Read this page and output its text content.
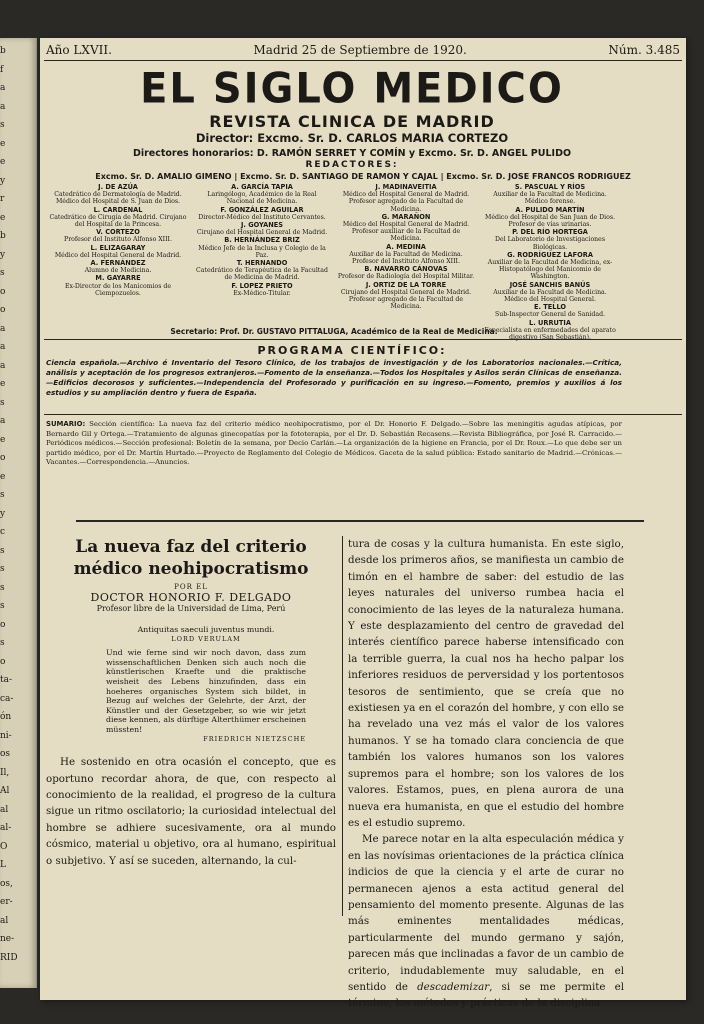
b
f
a
a
s
e
e
y
r
e
b
y
s
o
o
a
a
a
e
s
a
e
o
e
s
y
c
s
s
s
s
o
s
o
ta-
ca-
ón
ni-
os
Il,
Al
al
al-
O
L
os,
er-
al
ne-
RID
Año LXVII.	Madrid 25 de Septiembre de 1920.	Núm. 3.485
EL SIGLO MEDICO
REVISTA CLINICA DE MADRID
Director: Excmo. Sr. D. CARLOS MARIA CORTEZO
Directores honorarios: D. RAMÓN SERRET Y COMÍN y Excmo. Sr. D. ANGEL PULIDO
REDACTORES:
Excmo. Sr. D. AMALIO GIMENO | Excmo. Sr. D. SANTIAGO DE RAMON Y CAJAL | Excmo. Sr. D. JOSE FRANCOS RODRIGUEZ
J. DE AZÚA
Catedrático de Dermatología de Madrid. Médico del Hospital de S. Juan de Dios.
L. CARDENAL
Catedrático de Cirugía de Madrid. Cirujano del Hospital de la Princesa.
V. CORTEZO
Profesor del Instituto Alfonso XIII.
L. ELIZAGARAY
Médico del Hospital General de Madrid.
A. FERNÁNDEZ
Alumno de Medicina.
M. GAYARRE
Ex-Director de los Manicomios de Ciempozuelos.
A. GARCÍA TAPIA
Laringólogo, Académico de la Real Nacional de Medicina.
F. GONZÁLEZ AGUILAR
Director-Médico del Instituto Cervantes.
J. GOYANES
Cirujano del Hospital General de Madrid.
B. HERNÁNDEZ BRIZ
Médico Jefe de la Inclusa y Colegio de la Paz.
T. HERNANDO
Catedrático de Terapéutica de la Facultad de Medicina de Madrid.
F. LOPEZ PRIETO
Ex-Médico-Titular.
J. MADINAVEITIA
Médico del Hospital General de Madrid. Profesor agregado de la Facultad de Medicina.
G. MARAÑON
Médico del Hospital General de Madrid. Profesor auxiliar de la Facultad de Medicina.
A. MEDINA
Auxiliar de la Facultad de Medicina. Profesor del Instituto Alfonso XIII.
B. NAVARRO CÁNOVAS
Profesor de Radiología del Hospital Militar.
J. ORTIZ DE LA TORRE
Cirujano del Hospital General de Madrid. Profesor agregado de la Facultad de Medicina.
S. PASCUAL Y RÍOS
Auxiliar de la Facultad de Medicina. Médico forense.
A. PULIDO MARTÍN
Médico del Hospital de San Juan de Dios. Profesor de vías urinarias.
P. DEL RÍO HORTEGA
Del Laboratorio de Investigaciones Biológicas.
G. RODRÍGUEZ LAFORA
Auxiliar de la Facultad de Medicina, ex-Histopatólogo del Manicomio de Washington.
JOSÉ SANCHIS BANÚS
Auxiliar de la Facultad de Medicina. Médico del Hospital General.
E. TELLO
Sub-Inspector General de Sanidad.
L. URRUTIA
Especialista en enfermedades del aparato digestivo (San Sebastián).
Secretario: Prof. Dr. GUSTAVO PITTALUGA, Académico de la Real de Medicina.
PROGRAMA CIENTÍFICO:
Ciencia española.—Archivo é Inventario del Tesoro Clínico, de los trabajos de investigación y de los Laboratorios nacionales.—Crítica, análisis y aceptación de los progresos extranjeros.—Fomento de la enseñanza.—Todos los Hospitales y Asilos serán Clínicas de enseñanza.—Edificios decorosos y suficientes.—Independencia del Profesorado y purificación en su ingreso.—Fomento, premios y auxilios á los estudios y su ampliación dentro y fuera de España.
SUMARIO: Sección científica: La nueva faz del criterio médico neohipocratismo, por el Dr. Honorio F. Delgado.—Sobre las meningitis agudas atípicas, por Bernardo Gil y Ortega.—Tratamiento de algunas ginecopatías por la fototerapia, por el Dr. D. Sebastián Recasens.—Revista Bibliográfica, por José R. Carracido.—Periódicos médicos.—Sección profesional: Boletín de la semana, por Decio Carlán.—La organización de la higiene en Francia, por el Dr. Roux.—Lo que debe ser un partido médico, por el Dr. Martín Hurtado.—Proyecto de Reglamento del Colegio de Médicos. Gaceta de la salud pública: Estado sanitario de Madrid.—Crónicas.—Vacantes.—Correspondencia.—Anuncios.
La nueva faz del criterio médico neohipocratismo
POR EL
DOCTOR HONORIO F. DELGADO
Profesor libre de la Universidad de Lima, Perú
Antiquitas saeculi juventus mundi.
LORD VERULAM
Und wie ferne sind wir noch davon, dass zum wissenschaftlichen Denken sich auch noch die künstlerischen Kraefte und die praktische weisheit des Lebens hinzufinden, dass ein hoeheres organisches System sich bildet, in Bezug auf welches der Gelehrte, der Arzt, der Künstler und der Gesetzgeber, so wie wir jetzt diese kennen, als dürftige Alterthümer erscheinen müssten!
FRIEDRICH NIETZSCHE

He sostenido en otra ocasión el concepto, que es oportuno recordar ahora, de que, con respecto al conocimiento de la realidad, el progreso de la cultura sigue un ritmo oscilatorio; la curiosidad intelectual del hombre se adhiere sucesivamente, ora al mundo cósmico, material u objetivo, ora al humano, espiritual o subjetivo. Y así se suceden, alternando, la cul-

tura de cosas y la cultura humanista. En este siglo, desde los primeros años, se manifiesta un cambio de timón en el hambre de saber: del estudio de las leyes naturales del universo rumbea hacia el conocimiento de las leyes de la naturaleza humana. Y este desplazamiento del centro de gravedad del interés científico parece haberse intensificado con la terrible guerra, la cual nos ha hecho palpar los inferiores residuos de perversidad y los portentosos tesoros de sentimiento, que se creía que no existiesen ya en el corazón del hombre, y con ello se ha revelado una vez más el valor de los valores humanos. Y se ha tomado clara conciencia de que también los valores humanos son los valores supremos para el hombre; son los valores de los valores. Estamos, pues, en plena aurora de una nueva era humanista, en que el estudio del hombre es el estudio supremo.

Me parece notar en la alta especulación médica y en las novísimas orientaciones de la práctica clínica indicios de que la ciencia y el arte de curar no permanecen ajenos a esta actitud general del pensamiento del momento presente. Algunas de las más eminentes mentalidades médicas, particularmente del mundo germano y sajón, parecen más que inclinadas a favor de un cambio de criterio, indudablemente muy saludable, en el sentido de descademizar, si se me permite el término, los métodos y prácticas de la disciplina
